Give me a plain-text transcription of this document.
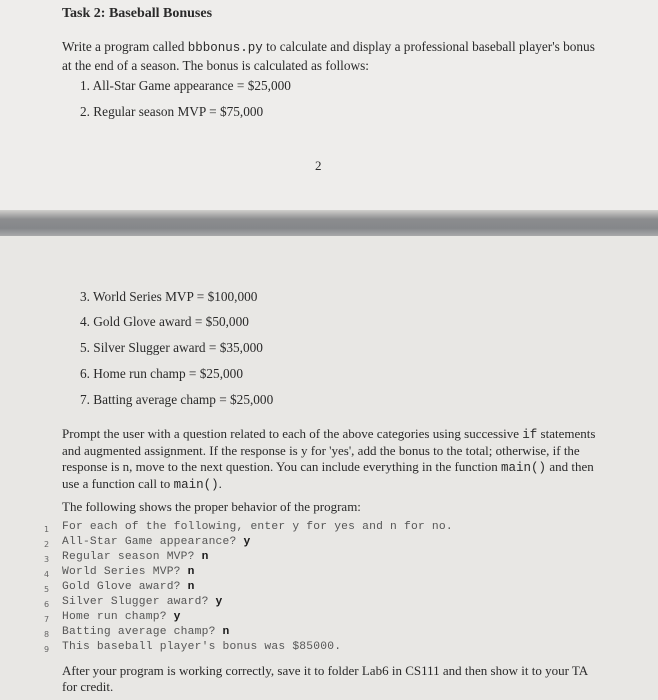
Task 2: Baseball Bonuses
Write a program called bbbonus.py to calculate and display a professional baseball player's bonus at the end of a season. The bonus is calculated as follows:
1. All-Star Game appearance = $25,000
2. Regular season MVP = $75,000
2
3. World Series MVP = $100,000
4. Gold Glove award = $50,000
5. Silver Slugger award = $35,000
6. Home run champ = $25,000
7. Batting average champ = $25,000
Prompt the user with a question related to each of the above categories using successive if statements and augmented assignment. If the response is y for 'yes', add the bonus to the total; otherwise, if the response is n, move to the next question. You can include everything in the function main() and then use a function call to main().
The following shows the proper behavior of the program:
1 For each of the following, enter y for yes and n for no.
2 All-Star Game appearance? y
3 Regular season MVP? n
4 World Series MVP? n
5 Gold Glove award? n
6 Silver Slugger award? y
7 Home run champ? y
8 Batting average champ? n
9 This baseball player's bonus was $85000.
After your program is working correctly, save it to folder Lab6 in CS111 and then show it to your TA for credit.
